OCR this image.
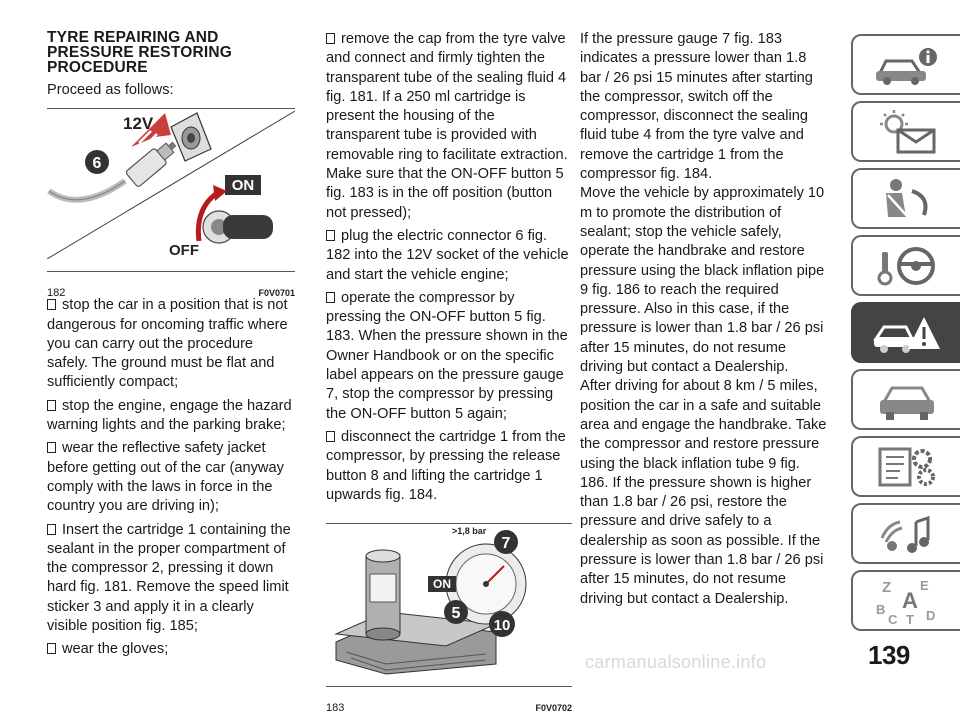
TYRE REPAIRING AND PRESSURE RESTORING PROCEDURE

Proceed as follows:

12V
6
ON
OFF
182	F0V0701
stop the car in a position that is not dangerous for oncoming traffic where you can carry out the procedure safely. The ground must be flat and sufficiently compact;
stop the engine, engage the hazard warning lights and the parking brake;
wear the reflective safety jacket before getting out of the car (anyway comply with the laws in force in the country you are driving in);
Insert the cartridge 1 containing the sealant in the proper compartment of the compressor 2, pressing it down hard fig. 181. Remove the speed limit sticker 3 and apply it in a clearly visible position fig. 185;
wear the gloves;
remove the cap from the tyre valve and connect and firmly tighten the transparent tube of the sealing fluid 4 fig. 181. If a 250 ml cartridge is present the housing of the transparent tube is provided with removable ring to facilitate extraction. Make sure that the ON-OFF button 5 fig. 183 is in the off position (button not pressed);
plug the electric connector 6 fig. 182 into the 12V socket of the vehicle and start the vehicle engine;
operate the compressor by pressing the ON-OFF button 5 fig. 183. When the pressure shown in the Owner Handbook or on the specific label appears on the pressure gauge 7, stop the compressor by pressing the ON-OFF button 5 again;
disconnect the cartridge 1 from the compressor, by pressing the release button 8 and lifting the cartridge 1 upwards fig. 184.
>1,8 bar
7
ON
5
10
183	F0V0702

If the pressure gauge 7 fig. 183 indicates a pressure lower than 1.8 bar / 26 psi 15 minutes after starting the compressor, switch off the compressor, disconnect the sealing fluid tube 4 from the tyre valve and remove the cartridge 1 from the compressor fig. 184.

Move the vehicle by approximately 10 m to promote the distribution of sealant; stop the vehicle safely, operate the handbrake and restore pressure using the black inflation pipe 9 fig. 186 to reach the required pressure. Also in this case, if the pressure is lower than 1.8 bar / 26 psi after 15 minutes, do not resume driving but contact a Dealership.

After driving for about 8 km / 5 miles, position the car in a safe and suitable area and engage the handbrake. Take the compressor and restore pressure using the black inflation tube 9 fig. 186. If the pressure shown is higher than 1.8 bar / 26 psi, restore the pressure and drive safely to a dealership as soon as possible. If the pressure is lower than 1.8 bar / 26 psi after 15 minutes, do not resume driving but contact a Dealership.

Z E
A
B
C T D
139
carmanualsonline.info
